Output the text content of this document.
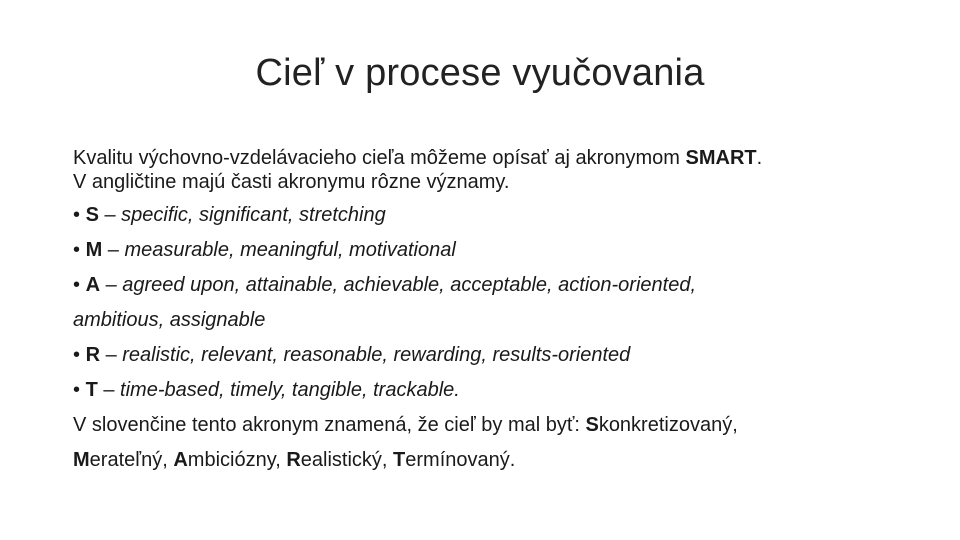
Cieľ v procese vyučovania

Kvalitu výchovno-vzdelávacieho cieľa môžeme opísať aj akronymom SMART.

V angličtine majú časti akronymu rôzne významy.

• S – specific, significant, stretching

• M – measurable, meaningful, motivational

• A – agreed upon, attainable, achievable, acceptable, action-oriented,

ambitious, assignable

• R – realistic, relevant, reasonable, rewarding, results-oriented

• T – time-based, timely, tangible, trackable.

V slovenčine tento akronym znamená, že cieľ by mal byť: Skonkretizovaný,

Merateľný, Ambiciózny, Realistický, Termínovaný.
